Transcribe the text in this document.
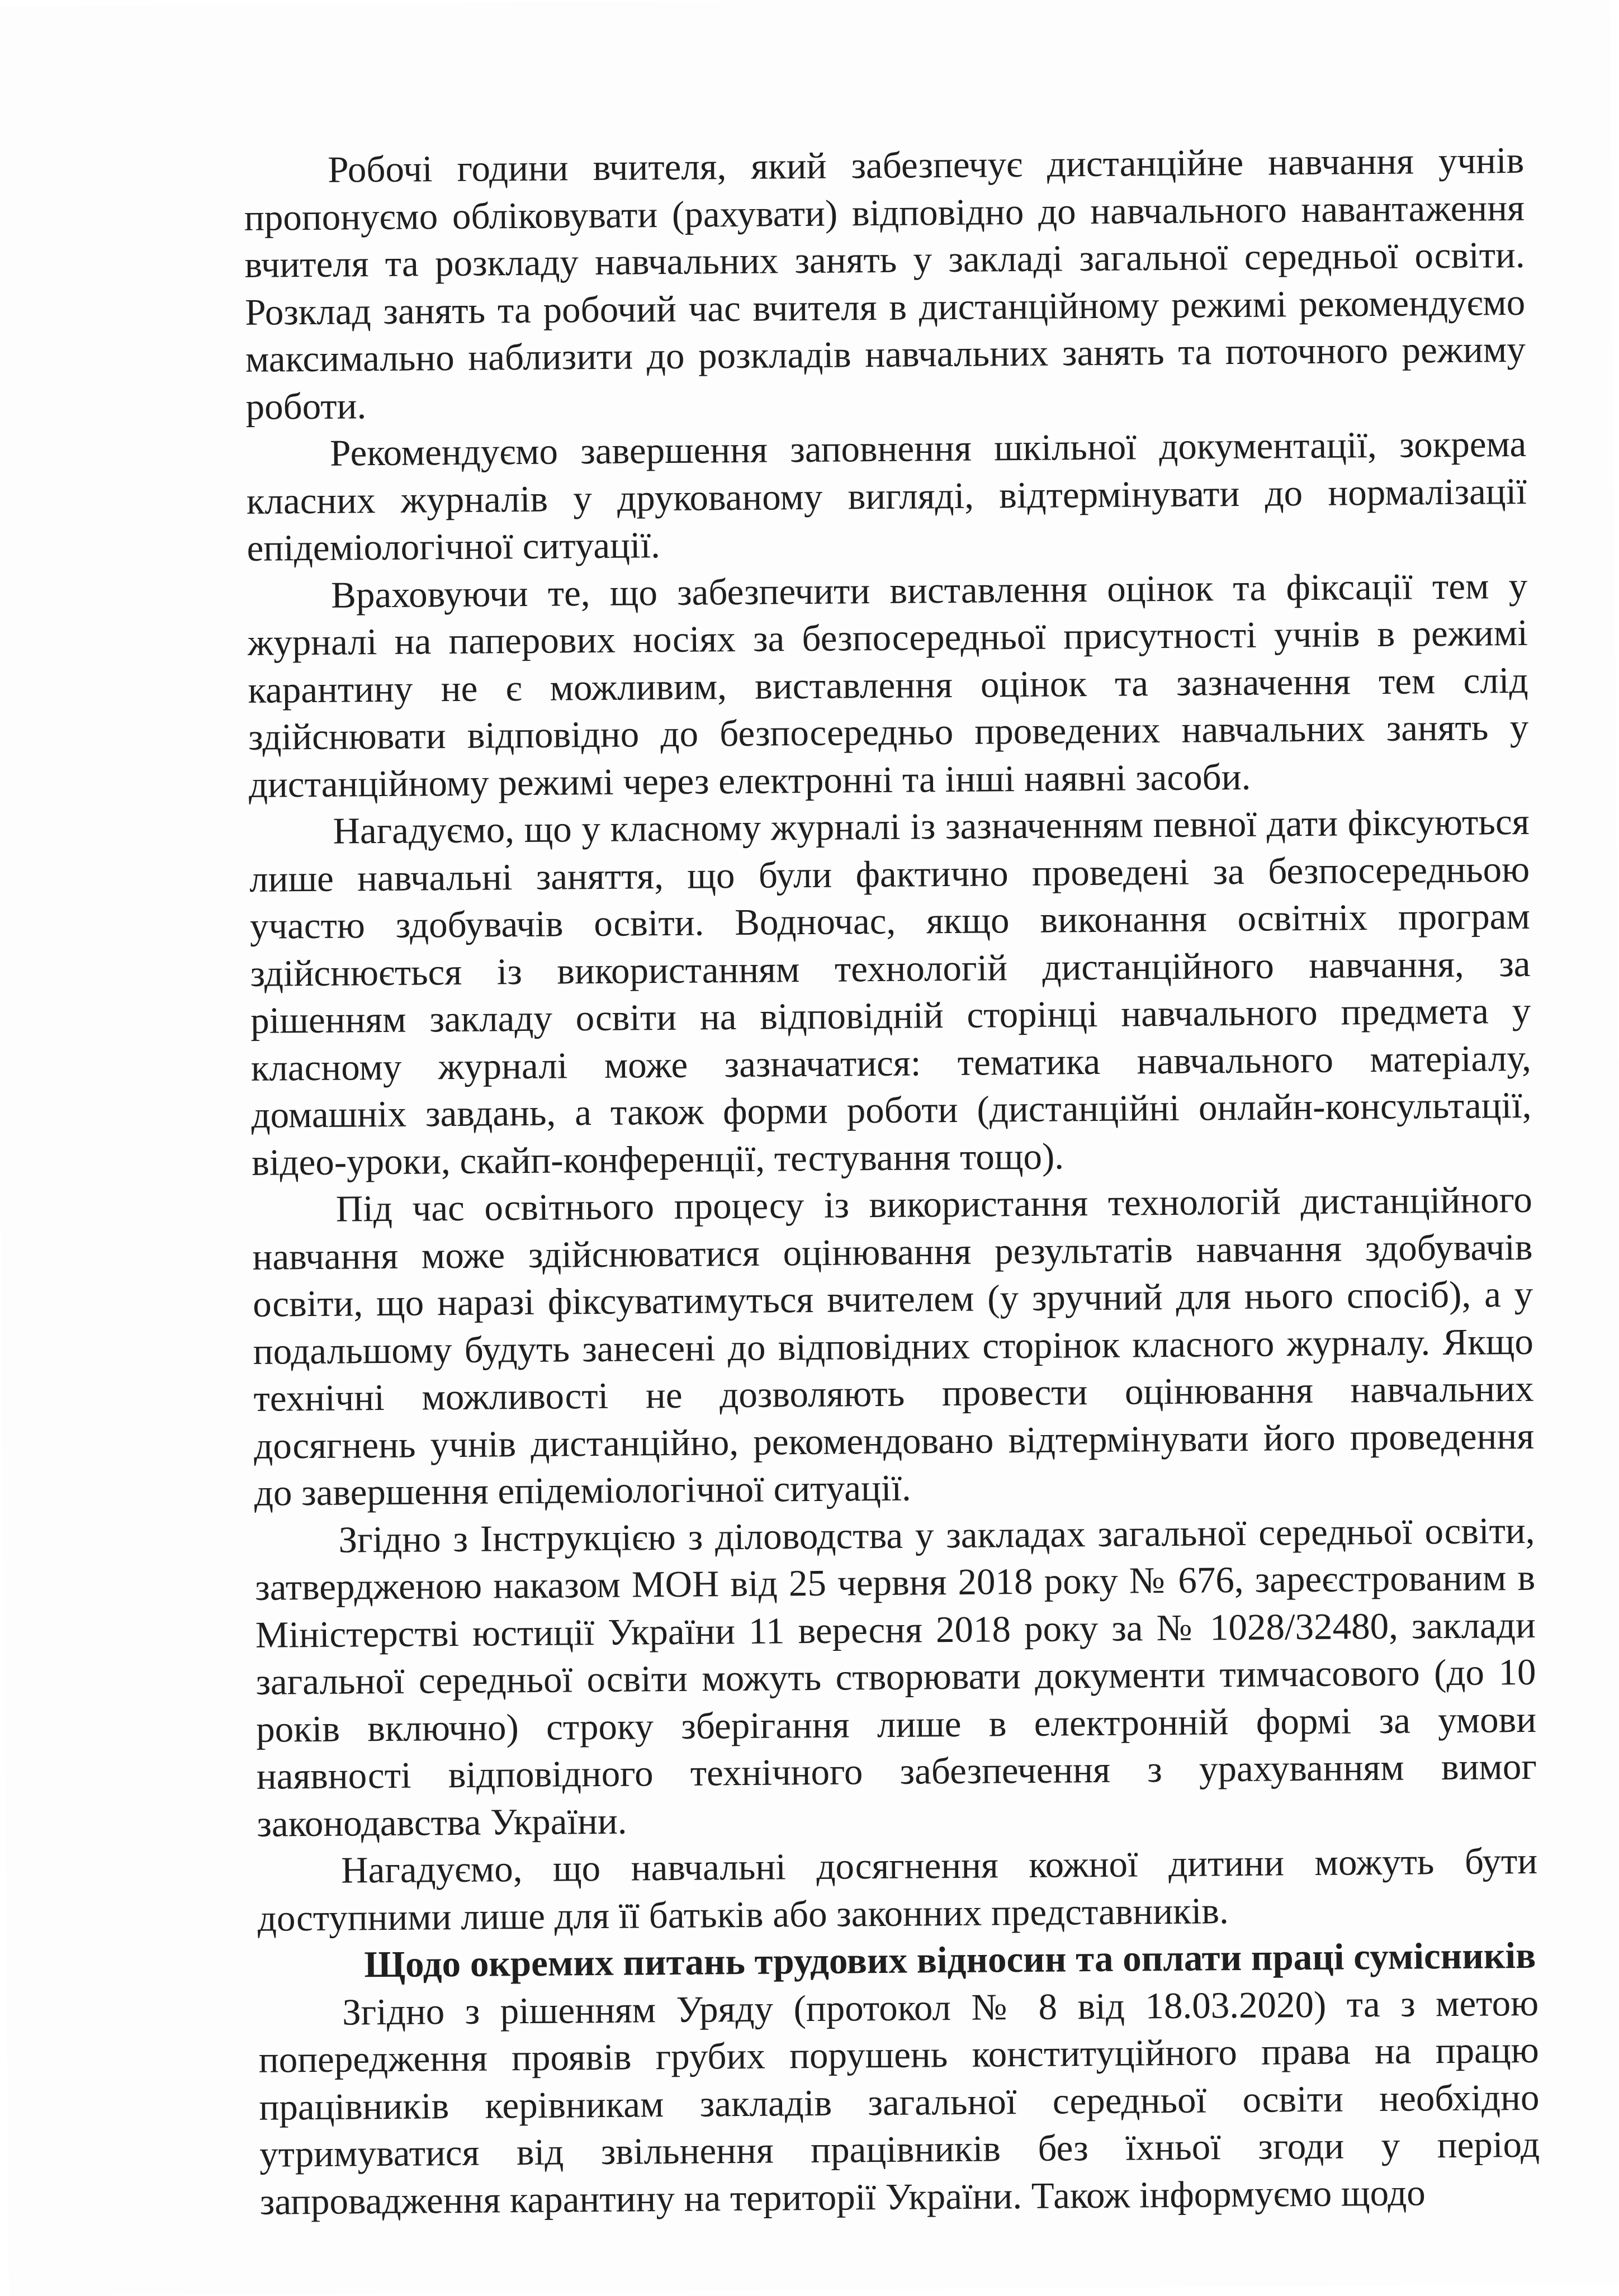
Робочі години вчителя, який забезпечує дистанційне навчання учнів пропонуємо обліковувати (рахувати) відповідно до навчального навантаження вчителя та розкладу навчальних занять у закладі загальної середньої освіти. Розклад занять та робочий час вчителя в дистанційному режимі рекомендуємо максимально наблизити до розкладів навчальних занять та поточного режиму роботи.

Рекомендуємо завершення заповнення шкільної документації, зокрема класних журналів у друкованому вигляді, відтермінувати до нормалізації епідеміологічної ситуації.

Враховуючи те, що забезпечити виставлення оцінок та фіксації тем у журналі на паперових носіях за безпосередньої присутності учнів в режимі карантину не є можливим, виставлення оцінок та зазначення тем слід здійснювати відповідно до безпосередньо проведених навчальних занять у дистанційному режимі через електронні та інші наявні засоби.

Нагадуємо, що у класному журналі із зазначенням певної дати фіксуються лише навчальні заняття, що були фактично проведені за безпосередньою участю здобувачів освіти. Водночас, якщо виконання освітніх програм здійснюється із використанням технологій дистанційного навчання, за рішенням закладу освіти на відповідній сторінці навчального предмета у класному журналі може зазначатися: тематика навчального матеріалу, домашніх завдань, а також форми роботи (дистанційні онлайн-консультації, відео-уроки, скайп-конференції, тестування тощо).

Під час освітнього процесу із використання технологій дистанційного навчання може здійснюватися оцінювання результатів навчання здобувачів освіти, що наразі фіксуватимуться вчителем (у зручний для нього спосіб), а у подальшому будуть занесені до відповідних сторінок класного журналу. Якщо технічні можливості не дозволяють провести оцінювання навчальних досягнень учнів дистанційно, рекомендовано відтермінувати його проведення до завершення епідеміологічної ситуації.

Згідно з Інструкцією з діловодства у закладах загальної середньої освіти, затвердженою наказом МОН від 25 червня 2018 року № 676, зареєстрованим в Міністерстві юстиції України 11 вересня 2018 року за № 1028/32480, заклади загальної середньої освіти можуть створювати документи тимчасового (до 10 років включно) строку зберігання лише в електронній формі за умови наявності відповідного технічного забезпечення з урахуванням вимог законодавства України.

Нагадуємо, що навчальні досягнення кожної дитини можуть бути доступними лише для її батьків або законних представників.

Щодо окремих питань трудових відносин та оплати праці сумісників

Згідно з рішенням Уряду (протокол № 8 від 18.03.2020) та з метою попередження проявів грубих порушень конституційного права на працю працівників керівникам закладів загальної середньої освіти необхідно утримуватися від звільнення працівників без їхньої згоди у період запровадження карантину на території України. Також інформуємо щодо
